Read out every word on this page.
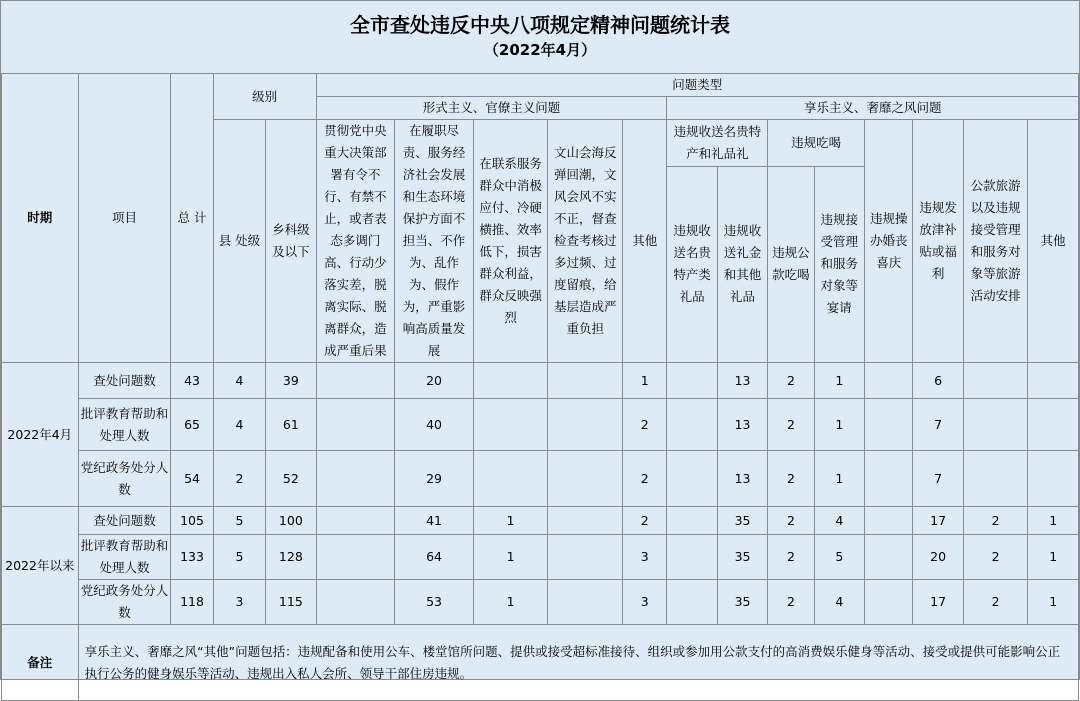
全市查处违反中央八项规定精神问题统计表
（2022年4月）
时期	项目	总 计	级别		问题类型												
					形式主义、官僚主义问题					享乐主义、奢靡之风问题							
			县 处级	乡科级及以下	贯彻党中央重大决策部署有令不行、有禁不止，或者表态多调门高、行动少落实差，脱离实际、脱离群众，造成严重后果	在履职尽责、服务经济社会发展和生态环境保护方面不担当、不作为、乱作为、假作为，严重影响高质量发展	在联系服务群众中消极应付、冷硬横推、效率低下，损害群众利益，群众反映强烈	文山会海反弹回潮，文风会风不实不正，督查检查考核过多过频、过度留痕，给基层造成严重负担	其他	违规收送名贵特产和礼品礼		违规吃喝		违规操办婚丧喜庆	违规发放津补贴或福利	公款旅游以及违规接受管理和服务对象等旅游活动安排	其他
										违规收送名贵特产类礼品	违规收送礼金和其他礼品	违规公款吃喝	违规接受管理和服务对象等宴请				
2022年4月	查处问题数	43	4	39		20			1		13	2	1		6		
	批评教育帮助和处理人数	65	4	61		40			2		13	2	1		7		
	党纪政务处分人数	54	2	52		29			2		13	2	1		7		
2022年以来	查处问题数	105	5	100		41	1		2		35	2	4		17	2	1
	批评教育帮助和处理人数	133	5	128		64	1		3		35	2	5		20	2	1
	党纪政务处分人数	118	3	115		53	1		3		35	2	4		17	2	1
备注	享乐主义、奢靡之风“其他”问题包括：违规配备和使用公车、楼堂馆所问题、提供或接受超标准接待、组织或参加用公款支付的高消费娱乐健身等活动、接受或提供可能影响公正执行公务的健身娱乐等活动、违规出入私人会所、领导干部住房违规。																
